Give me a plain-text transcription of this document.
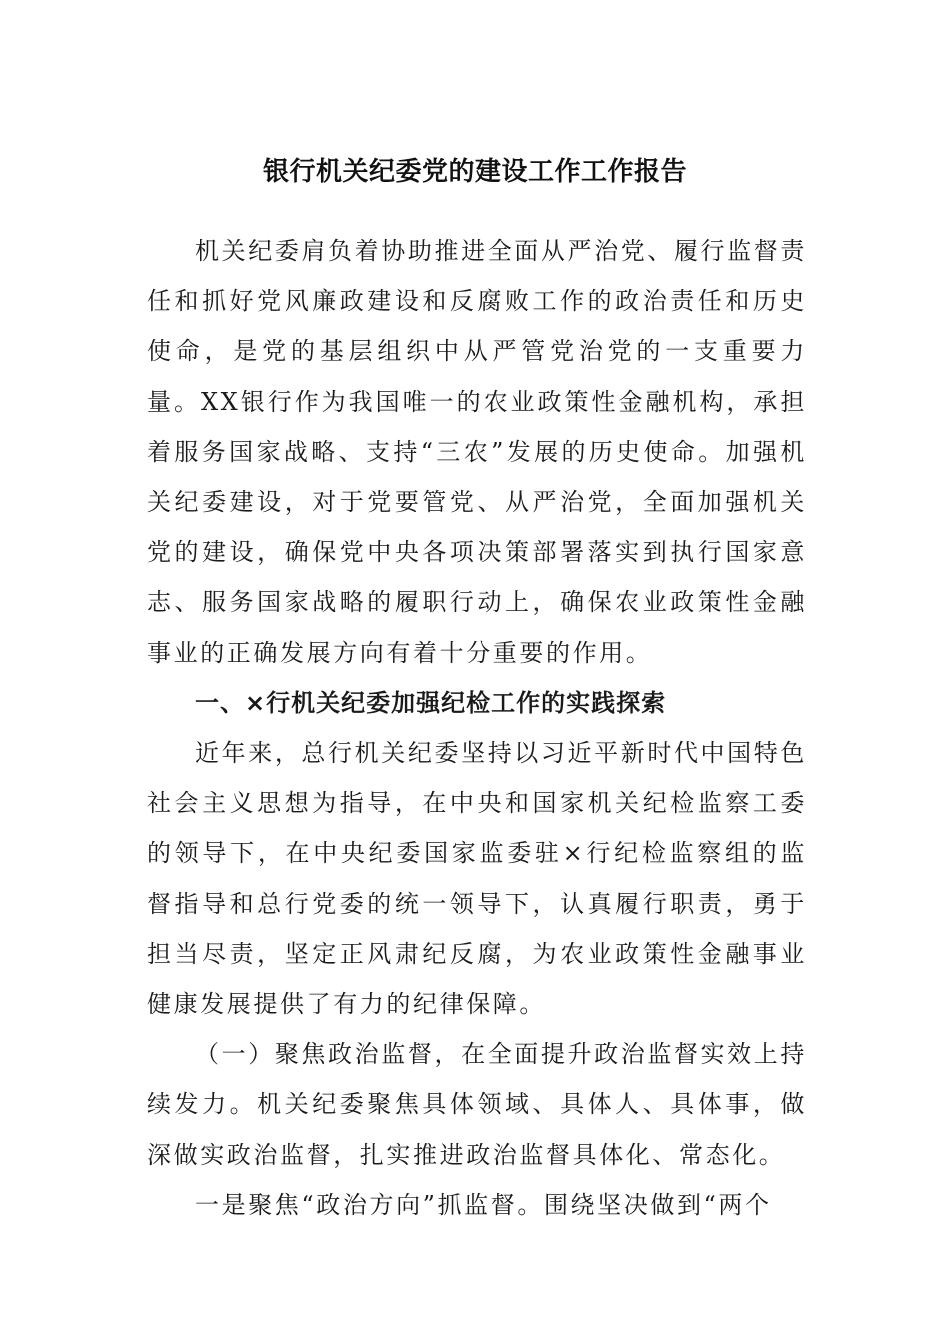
银行机关纪委党的建设工作工作报告

机关纪委肩负着协助推进全面从严治党、履行监督责任和抓好党风廉政建设和反腐败工作的政治责任和历史使命，是党的基层组织中从严管党治党的一支重要力量。XX银行作为我国唯一的农业政策性金融机构，承担着服务国家战略、支持“三农”发展的历史使命。加强机关纪委建设，对于党要管党、从严治党，全面加强机关党的建设，确保党中央各项决策部署落实到执行国家意志、服务国家战略的履职行动上，确保农业政策性金融事业的正确发展方向有着十分重要的作用。

一、×行机关纪委加强纪检工作的实践探索

近年来，总行机关纪委坚持以习近平新时代中国特色社会主义思想为指导，在中央和国家机关纪检监察工委的领导下，在中央纪委国家监委驻×行纪检监察组的监督指导和总行党委的统一领导下，认真履行职责，勇于担当尽责，坚定正风肃纪反腐，为农业政策性金融事业健康发展提供了有力的纪律保障。

（一）聚焦政治监督，在全面提升政治监督实效上持续发力。机关纪委聚焦具体领域、具体人、具体事，做深做实政治监督，扎实推进政治监督具体化、常态化。

一是聚焦“政治方向”抓监督。围绕坚决做到“两个
